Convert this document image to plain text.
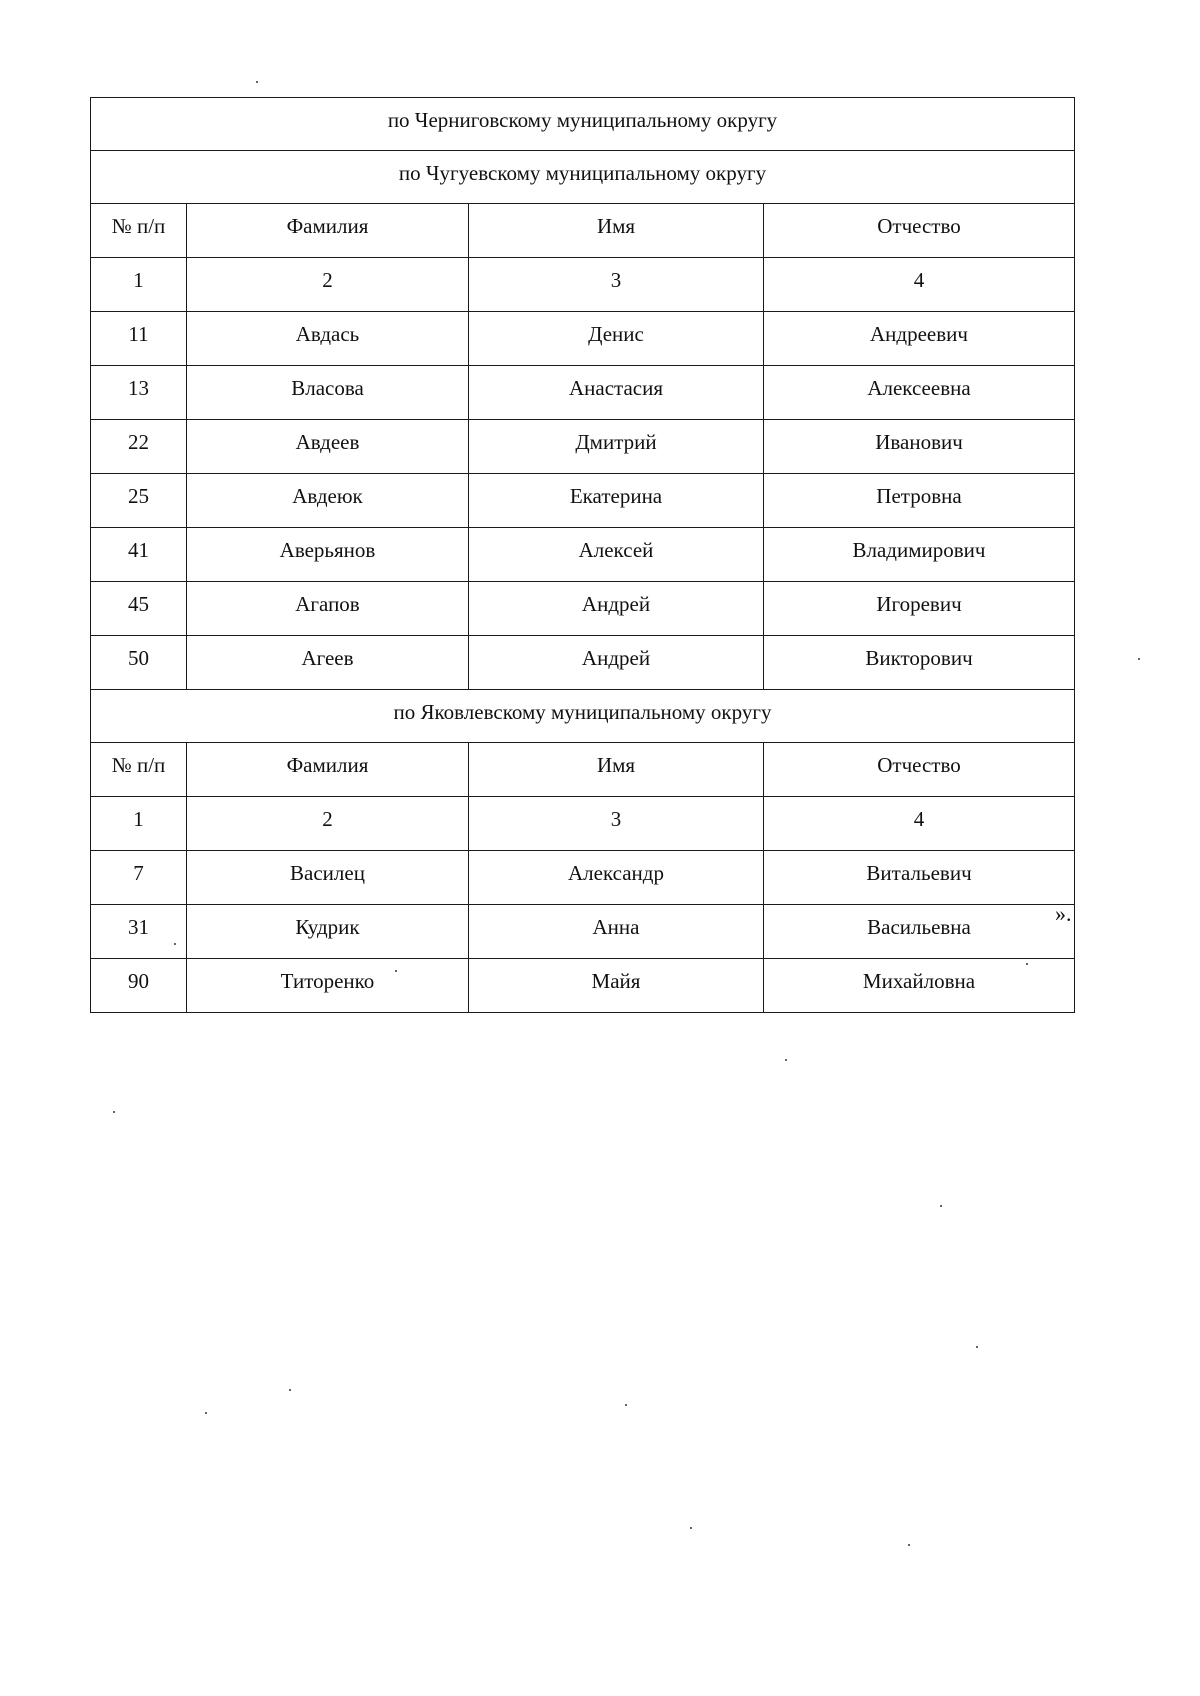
по Черниговскому муниципальному округу			
по Чугуевскому муниципальному округу			
№ п/п	Фамилия	Имя	Отчество
1	2	3	4
11	Авдась	Денис	Андреевич
13	Власова	Анастасия	Алексеевна
22	Авдеев	Дмитрий	Иванович
25	Авдеюк	Екатерина	Петровна
41	Аверьянов	Алексей	Владимирович
45	Агапов	Андрей	Игоревич
50	Агеев	Андрей	Викторович
по Яковлевскому муниципальному округу			
№ п/п	Фамилия	Имя	Отчество
1	2	3	4
7	Василец	Александр	Витальевич
31	Кудрик	Анна	Васильевна
90	Титоренко	Майя	Михайловна
».
